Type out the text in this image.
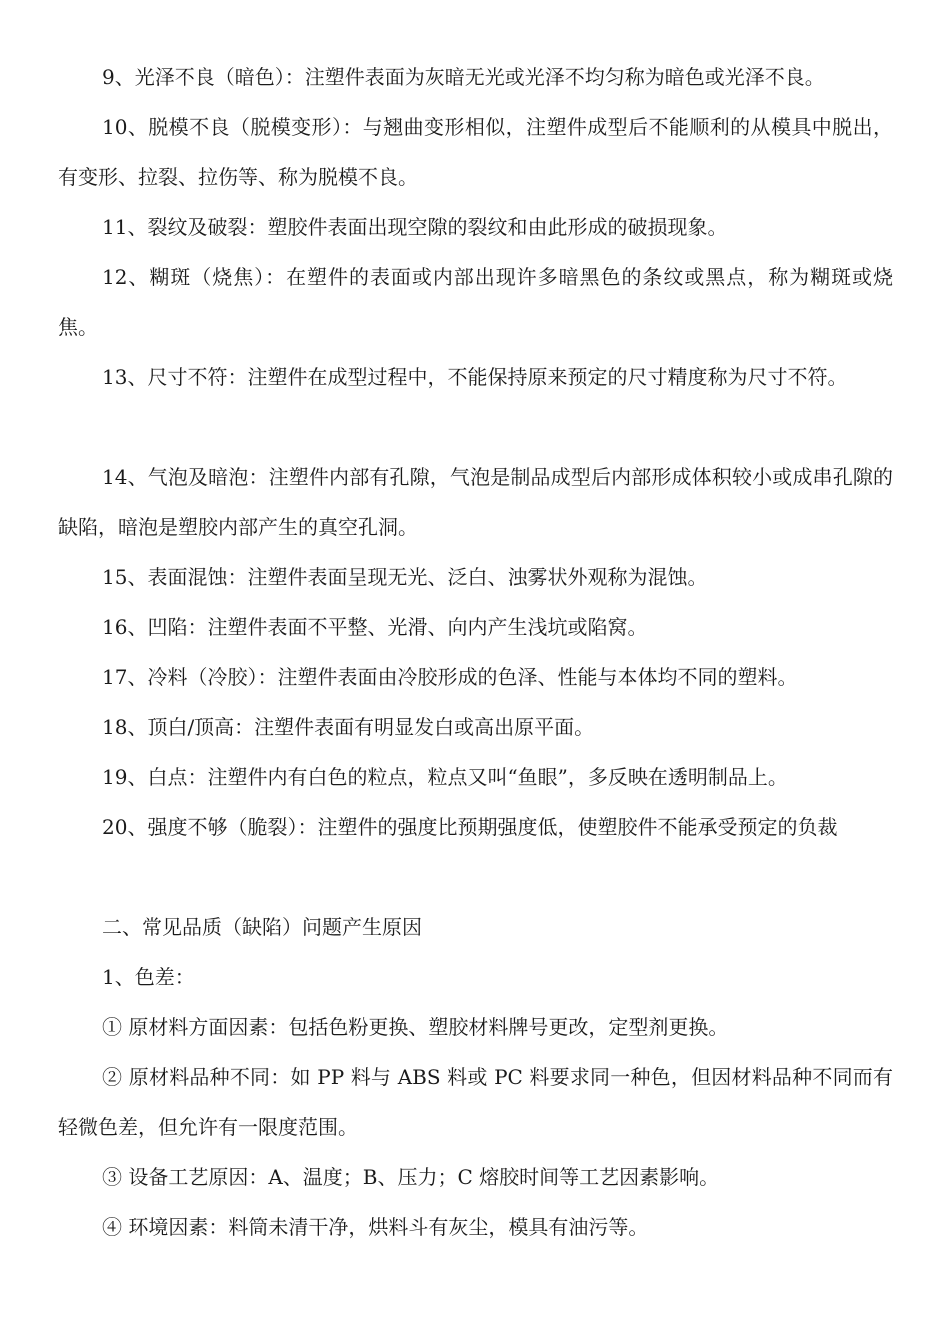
9、光泽不良（暗色）：注塑件表面为灰暗无光或光泽不均匀称为暗色或光泽不良。

10、脱模不良（脱模变形）：与翘曲变形相似，注塑件成型后不能顺利的从模具中脱出，有变形、拉裂、拉伤等、称为脱模不良。

11、裂纹及破裂：塑胶件表面出现空隙的裂纹和由此形成的破损现象。

12、糊斑（烧焦）：在塑件的表面或内部出现许多暗黑色的条纹或黑点，称为糊斑或烧焦。

13、尺寸不符：注塑件在成型过程中，不能保持原来预定的尺寸精度称为尺寸不符。

14、气泡及暗泡：注塑件内部有孔隙，气泡是制品成型后内部形成体积较小或成串孔隙的缺陷，暗泡是塑胶内部产生的真空孔洞。

15、表面混蚀：注塑件表面呈现无光、泛白、浊雾状外观称为混蚀。

16、凹陷：注塑件表面不平整、光滑、向内产生浅坑或陷窝。

17、冷料（冷胶）：注塑件表面由冷胶形成的色泽、性能与本体均不同的塑料。

18、顶白/顶高：注塑件表面有明显发白或高出原平面。

19、白点：注塑件内有白色的粒点，粒点又叫“鱼眼”，多反映在透明制品上。

20、强度不够（脆裂）：注塑件的强度比预期强度低，使塑胶件不能承受预定的负裁

二、常见品质（缺陷）问题产生原因

1、色差：

① 原材料方面因素：包括色粉更换、塑胶材料牌号更改，定型剂更换。

② 原材料品种不同：如 PP 料与 ABS 料或 PC 料要求同一种色，但因材料品种不同而有轻微色差，但允许有一限度范围。

③ 设备工艺原因：A、温度；B、压力；C 熔胶时间等工艺因素影响。

④ 环境因素：料筒未清干净，烘料斗有灰尘，模具有油污等。
